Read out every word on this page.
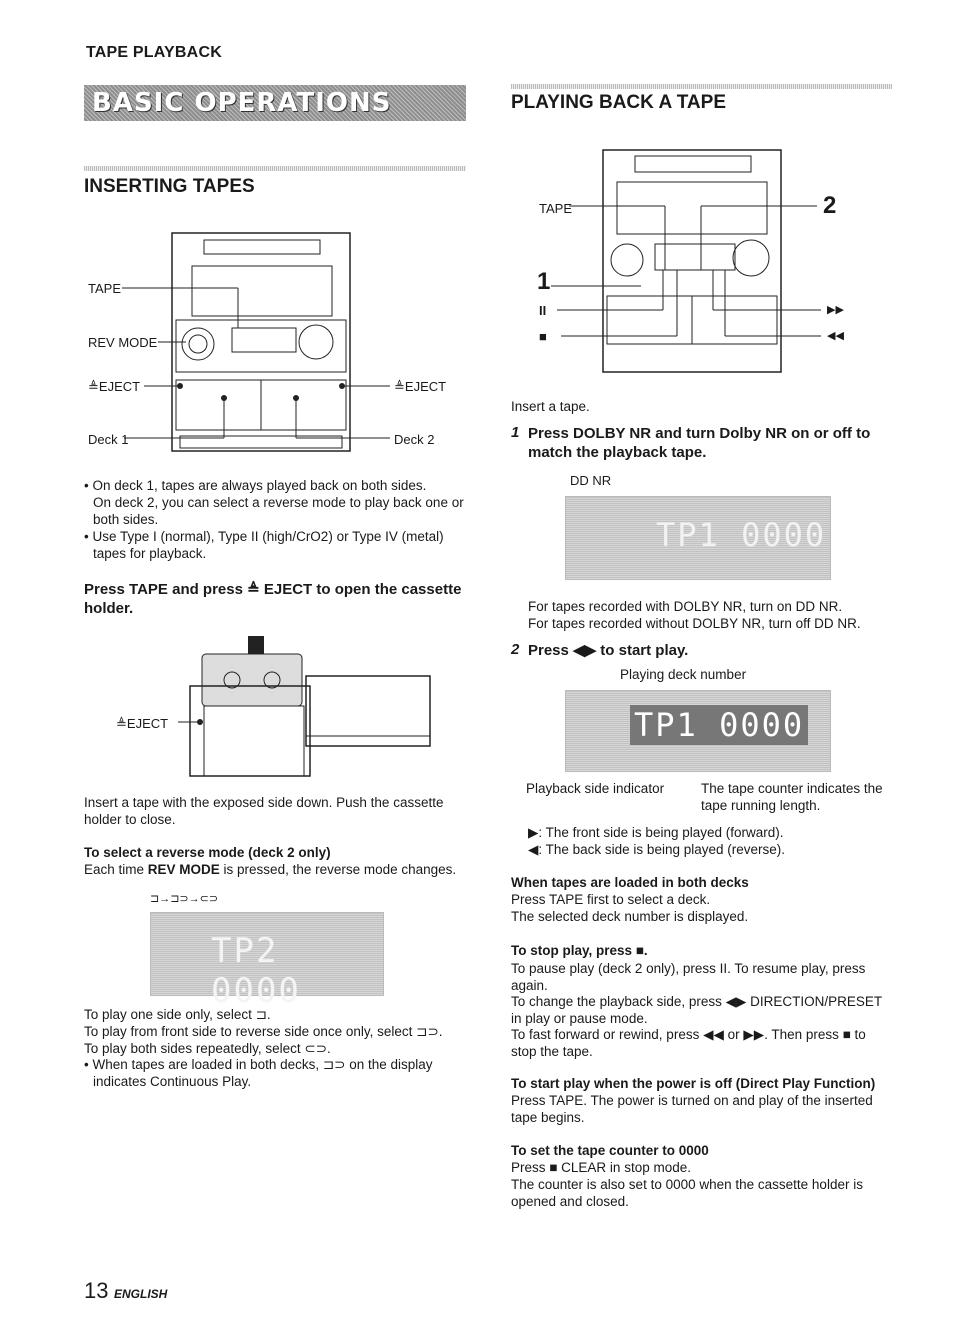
TAPE PLAYBACK
BASIC OPERATIONS
INSERTING TAPES
TAPE
REV MODE
≜EJECT	≜EJECT
Deck 1	Deck 2

• On deck 1, tapes are always played back on both sides.

On deck 2, you can select a reverse mode to play back one or both sides.

• Use Type I (normal), Type II (high/CrO2) or Type IV (metal) tapes for playback.

Press TAPE and press ≜ EJECT to open the cassette holder.

≜EJECT

Insert a tape with the exposed side down. Push the cassette holder to close.

To select a reverse mode (deck 2 only)

Each time REV MODE is pressed, the reverse mode changes.

⊐→⊐⊃→⊂⊃
TP2 0000

To play one side only, select ⊐.

To play from front side to reverse side once only, select ⊐⊃.

To play both sides repeatedly, select ⊂⊃.

• When tapes are loaded in both decks, ⊐⊃ on the display indicates Continuous Play.

PLAYING BACK A TAPE
TAPE
1
2
II
■
▶▶
◀◀

Insert a tape.

1 Press DOLBY NR and turn Dolby NR on or off to match the playback tape.

DD NR
TP1 0000

For tapes recorded with DOLBY NR, turn on DD NR.

For tapes recorded without DOLBY NR, turn off DD NR.

2 Press ◀▶ to start play.

Playing deck number
TP1 0000
Playback side indicator	The tape counter indicates the tape running length.

▶: The front side is being played (forward).

◀: The back side is being played (reverse).

When tapes are loaded in both decks

Press TAPE first to select a deck.

The selected deck number is displayed.

To stop play, press ■.

To pause play (deck 2 only), press II. To resume play, press again.

To change the playback side, press ◀▶ DIRECTION/PRESET in play or pause mode.

To fast forward or rewind, press ◀◀ or ▶▶. Then press ■ to stop the tape.

To start play when the power is off (Direct Play Function)

Press TAPE. The power is turned on and play of the inserted tape begins.

To set the tape counter to 0000

Press ■ CLEAR in stop mode.

The counter is also set to 0000 when the cassette holder is opened and closed.

13 ENGLISH
